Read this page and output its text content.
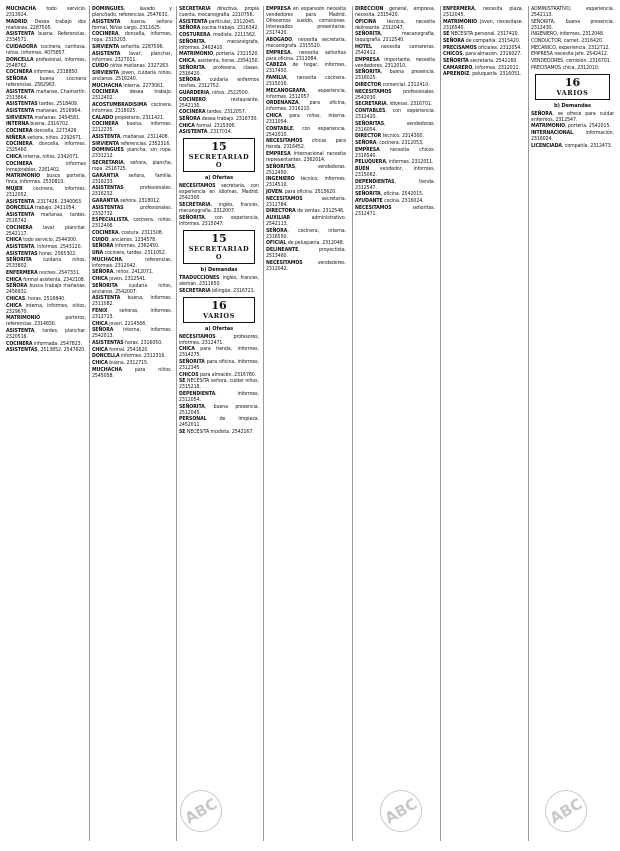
MUCHACHA todo servicio. 2313924.

MADRID: Desea trabajo dos mañanas. 2287505.

ASISTENTA buena. Referencias. 2334571.

CUIDADORA cocinera, cariñosa, niños. Informes. 4075857.

DONCELLA profesional, informes, 2548762.

COCINERA informes. 2318850.

SEÑORA buena cocinera referencias. 2562963.

ASISTENTA mañanas, Chamartín. 2313864.

ASISTENTAS tardes. 2518409.

ASISTENTA mañanas. 2516964.

SIRVIENTA mañanas. 2454581.

INTERNA buena. 2316702.

COCINERA doncella. 2273426.

NIÑERA señora, niños. 2292671.

COCINERA, doncella, informes. 2325460.

CHICA interna, niños. 2342071.

COCINERA informes inmejorables. 2261402.

MATRIMONIO busca portería, finca, informes. 2530810.

MUJER cocinera, informes. 2312052.

ASISTENTA. 2317426. 2340063.

DONCELLA trabajo. 2411054.

ASISTENTA mañanas, tardes. 2516742.

COCINERA lavar planchar. 2542117.

CHICA todo servicio. 2544300.

ASISTENTA, informes. 2543120.

ASISTENTAS horas. 2565302.

SEÑORITA cuidaría niños. 2533802.

ENFERMERA noches. 2547331.

CHICA formal asistenta. 2342108.

SEÑORA busca trabajo mañanas. 2456931.

CHICAS, horas. 2516840.

CHICA interna, informes, niños, 2329670.

MATRIMONIO porteros, referencias. 2314830.

ASISTENTA, tardes, planchar. 2320516.

COCINERA informada. 2547823.

ASISTENTAS, 2513852. 2547620.

DOMINGUES, lavado y planchado, referencias. 2547631.

ASISTENTA buena, señora formal, Niñas cargo. 2311625.

COCINERA, doncella, informes, ropa. 2315203.

SIRVIENTA señorita. 2287596.

ASISTENTA lavar, planchar, informes. 2327011.

CUIDO niños mañanas. 2327263.

SIRVIENTA joven, cuidaría niños, ancianos. 2516240.

MUCHACHA interna. 2273061.

COCINERA desea trabajo. 2312402.

ACOSTUMBRADISIMA cocinera, informes. 2318025.

CALADO propietario, 2311421.

COCINERA buena, informes. 2212235.

ASISTENTA, mañanas. 2311408.

SIRVIENTA referencias. 2352316.

DOMINGUES plancha, sin ropa. 2331212.

SECRETARIA, señora, plancha, ropa. 2516725.

GARANTIA señora, familia. 2316233.

ASISTENTAS profesionales. 2316232.

GARANTIA señora. 2318012.

ASISTENTAS profesionales. 2332732.

ESPECIALISTA, cocinera, niños. 2312406.

COCINERA, costura. 2311508.

CUIDO, ancianos. 1234578.

SEÑORA informes. 2362450.

UNA cocinera, tardes. 2311052.

MUCHACHA, referencias, informes. 2312042.

SEÑORA, niños. 2412071.

CHICA joven, 2312541.

SEÑORITA cuidaría niños, ancianos. 2542007.

ASISTENTA buena, informes. 2311082.

FENIX señoras, informes. 2312723.

CHICA joven. 2214568.

SEÑORA interna, informes. 2542013.

ASISTENTAS horas. 2316050.

CHICA formal. 2541620.

DONCELLA informes. 2312316.

CHICA buena. 2312715.

MUCHACHA para niños. 2545058.

SECRETARIA directiva, propia cuenta, mecanografía. 2210756.

ASISTENTA particular, 2312045.

SEÑORA cocina trabajo. 2316342.

COSTURERA, modista. 2211562.

SEÑORITA, mecanógrafa, informes. 2462410.

MATRIMONIO, portería. 2321520.

CHICA, asistenta, horas. 2354150.

SEÑORITA, profesora, clases. 2316420.

SEÑORA cuidaría enfermos noches. 2312752.

GUARDERIA, niños. 2522500.

COCINERO, restaurante. 2542130.

COCINERA tardes. 2312057.

SEÑORA desea trabajo. 2316730.

CHICA formal. 2315306.

ASISTENTA. 2317014.

15
SECRETARIADO
a) Ofertas

NECESITAMOS secretaria, con experiencia en idiomas, Madrid. 2542300.

SECRETARIA, inglés, francés, mecanografía. 2312007.

SEÑORITA, con experiencia, informes. 2315047.

15
SECRETARIADO
b) Demandas

TRADUCCIONES inglés, francés, alemán. 2311650.

SECRETARIA bilingüe. 2316721.

16
VARIOS
a) Ofertas

NECESITAMOS profesores, informes. 2312471.

CHICA para tienda, informes. 2314275.

SEÑORITA para oficina, informes. 2312345.

CHICOS para almacén. 2316780.

SE NECESITA señora, cuidar niños. 2315218.

DEPENDIENTA, informes. 2312054.

SEÑORITA, buena presencia. 2512045.

PERSONAL de limpieza. 2452011.

SE NECESITA modista. 2542167.

EMPRESA en expansión necesita vendedores para Madrid. Ofrecemos sueldo, comisiones. Interesados presentarse. 2317420.

ABOGADO, necesita secretaria, mecanógrafa. 2315520.

EMPRESA, necesita señoritas para oficina. 2312084.

CABEZA de hogar, informes. 2317450.

FAMILIA, necesita cocinera. 2315016.

MECANOGRAFA, experiencia, informes. 2312057.

ORDENANZA, para oficina, informes. 2316210.

CHICA para niños, interna. 2311054.

CONTABLE, con experiencia. 2542010.

NECESITAMOS chicas para tienda. 2316452.

EMPRESA internacional necesita representantes. 2362014.

SEÑORITAS, vendedoras. 2512450.

INGENIERO técnico, informes. 2314510.

JOVEN, para oficina. 2515620.

NECESITAMOS secretaria. 2312784.

DIRECTORA de ventas. 2312546.

AUXILIAR administrativo. 2542113.

SEÑORA, cocinera, interna. 2316550.

OFICIAL de peluquería. 2312048.

DELINEANTE, proyectista. 2513460.

NECESITAMOS vendedores. 2312042.

DIRECCION general, empresa, necesita. 2315420.

OFICINA técnica, necesita delineante. 2312047.

SEÑORITA, mecanografía, taquigrafía. 2312540.

HOTEL necesita camareras. 2542412.

EMPRESA importante, necesita vendedores. 2312010.

SEÑORITA, buena presencia. 2316025.

DIRECTOR comercial. 2312410.

NECESITAMOS profesionales. 2542030.

SECRETARIA, idiomas. 2316701.

CONTABLES, con experiencia. 2312420.

SEÑORITAS, vendedoras. 2316054.

DIRECTOR técnico. 2314300.

SEÑORA, cocinera. 2312053.

EMPRESA necesita chicos. 2316540.

PELUQUERA, informes. 2312011.

BUEN vendedor, informes. 2315062.

DEPENDIENTAS, tienda. 2312547.

SEÑORITA, oficina. 2542015.

AYUDANTE cocina. 2316024.

NECESITAMOS señoritas. 2312471.

ENFERMERA, necesita plaza. 2312045.

MATRIMONIO joven, necesitase. 2316540.

SE NECESITA personal. 2317420.

SEÑORA de compañía. 2315420.

PRECISAMOS oficiales. 2312054.

CHICOS, para almacén. 2316027.

SEÑORITA secretaria. 2542160.

CAMARERO, informes. 2312011.

APRENDIZ, peluquería. 2316051.

ADMINISTRATIVO, experiencia. 2542113.

SEÑORITA, buena presencia. 2312430.

INGENIERO, informes. 2312048.

CONDUCTOR, carnet. 2316420.

MECANICO, experiencia. 2312712.

EMPRESA necesita jefe. 2542412.

VENDEDORES, comisión. 2316701.

PRECISAMOS chica. 2312010.

16
VARIOS
b) Demandas

SEÑORA, se ofrece para cuidar enfermos. 2312547.

MATRIMONIO, portería. 2542015.

INTERNACIONAL, información. 2316024.

LICENCIADA, compañía. 2312473.

ABC	ABC	ABC
